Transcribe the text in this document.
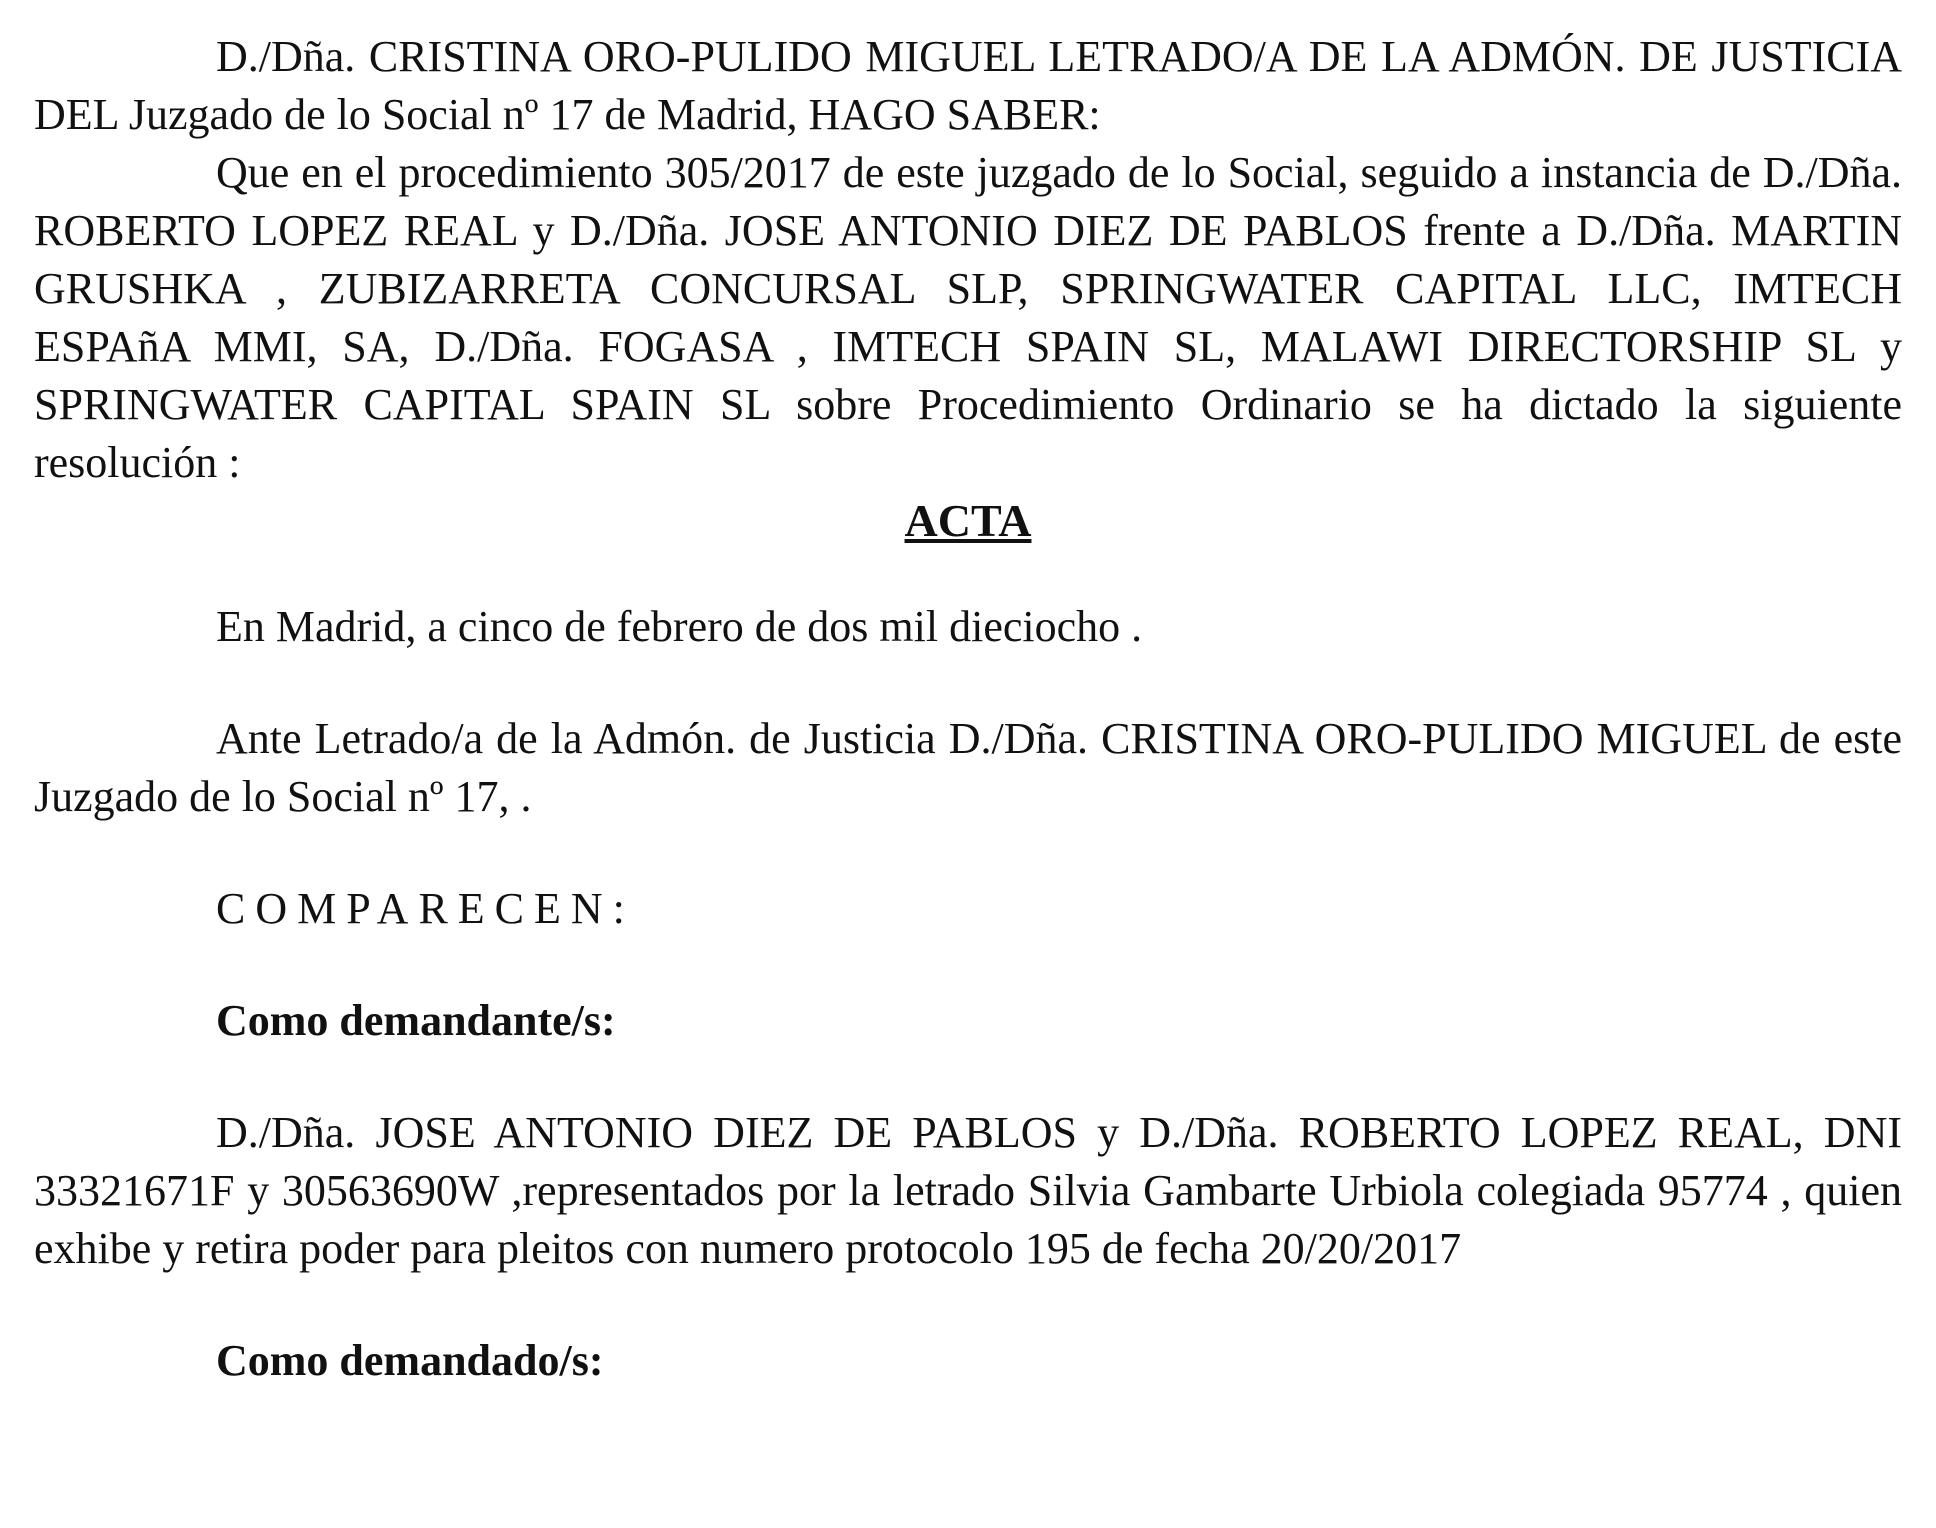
D./Dña. CRISTINA ORO-PULIDO MIGUEL LETRADO/A DE LA ADMÓN. DE JUSTICIA DEL Juzgado de lo Social nº 17 de Madrid, HAGO SABER:

Que en el procedimiento 305/2017 de este juzgado de lo Social, seguido a instancia de D./Dña. ROBERTO LOPEZ REAL y D./Dña. JOSE ANTONIO DIEZ DE PABLOS frente a D./Dña. MARTIN GRUSHKA , ZUBIZARRETA CONCURSAL SLP, SPRINGWATER CAPITAL LLC, IMTECH ESPAñA MMI, SA, D./Dña. FOGASA , IMTECH SPAIN SL, MALAWI DIRECTORSHIP SL y SPRINGWATER CAPITAL SPAIN SL sobre Procedimiento Ordinario se ha dictado la siguiente resolución :

ACTA

En Madrid, a cinco de febrero de dos mil dieciocho .

Ante Letrado/a de la Admón. de Justicia D./Dña. CRISTINA ORO-PULIDO MIGUEL de este Juzgado de lo Social nº 17, .

COMPARECEN:

Como demandante/s:

D./Dña. JOSE ANTONIO DIEZ DE PABLOS y D./Dña. ROBERTO LOPEZ REAL, DNI 33321671F y 30563690W ,representados por la letrado Silvia Gambarte Urbiola colegiada 95774 , quien exhibe y retira poder para pleitos con numero protocolo 195 de fecha 20/20/2017

Como demandado/s:
